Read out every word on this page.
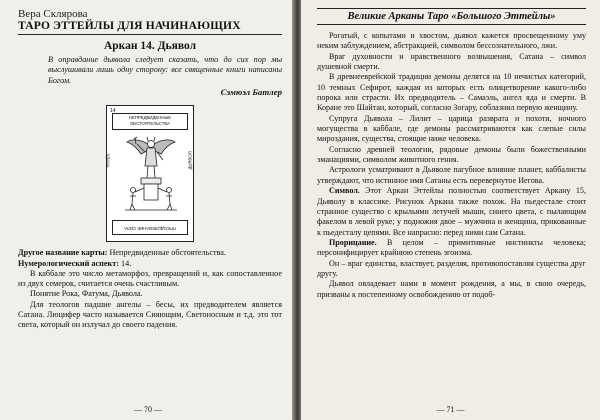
Вера Склярова
ТАРО ЭТТЕЙЛЫ ДЛЯ НАЧИНАЮЩИХ
Аркан 14. Дьявол
В оправдание дьявола следует сказать, что до сих пор мы выслушивали лишь одну сторону: все священные книги написаны Богом.
Сэмюэл Батлер
14
НЕПРЕДВИДЕННЫЕ ОБСТОЯТЕЛЬСТВА
УДАЧА	ДЬЯВОЛ
ПРЕОДОЛЕВАНИЕ СИЛА

Другое название карты: Непредвиденные обстоятельства.

Нумерологический аспект: 14.

В каббале это число метаморфоз, превращений и, как сопоставленное из двух семерок, считается очень счастливым.

Понятие Рока, Фатума, Дьявола.

Для теологов падшие ангелы – бесы, их предводителем является Сатана. Люцифер часто называется Сияющим, Светоносным и т.д. это тот света, который он излучал до своего падения.

— 70 —
Великие Арканы Таро «Большого Эттейлы»

Рогатый, с копытами и хвостом, дьявол кажется просвещенному уму неким заблуждением, абстракцией, символом бессознательного, лжи.

Враг духовности и нравственного возвышения, Сатана – символ душевной смерти.

В древнееврейской традиции демоны делятся на 10 нечистых категорий, 10 темных Сефирот, каждая из которых есть олицетворение какого-либо порока или страсти. Их предводитель – Самаэль, ангел яда и смерти. В Коране это Шайтан, который, согласно Зогару, соблазнил первую женщину.

Супруга Дьявола – Лилит – царица разврата и похоти, ночного могущества в каббале, где демоны рассматриваются как слепые силы мироздания, существа, стоящие ниже человека.

Согласно древней теологии, рядовые демоны были божественными эманациями, символом животного гения.

Астрологи усматривают в Дьяволе пагубное влияние планет, каббалисты утверждают, что истинное имя Сатаны есть перевернутое Иегова.

Символ. Этот Аркан Эттейлы полностью соответствует Аркану 15, Дьяволу в классике. Рисунок Аркана также похож. На пьедестале стоит странное существо с крыльями летучей мыши, синего цвета, с пылающим факелом в левой руке; у подножия двое – мужчина и женщина, прикованные к пьедесталу цепями. Все напрасно: перед ними сам Сатана.

Прорицание. В целом – примитивные инстинкты человека; персонифицирует крайнюю степень эгоизма.

Он – враг единства, властвует, разделяя, противопоставляя существа друг другу.

Дьявол овладевает нами в момент рождения, а мы, в свою очередь, призваны к постепенному освобождению от подоб-

— 71 —
